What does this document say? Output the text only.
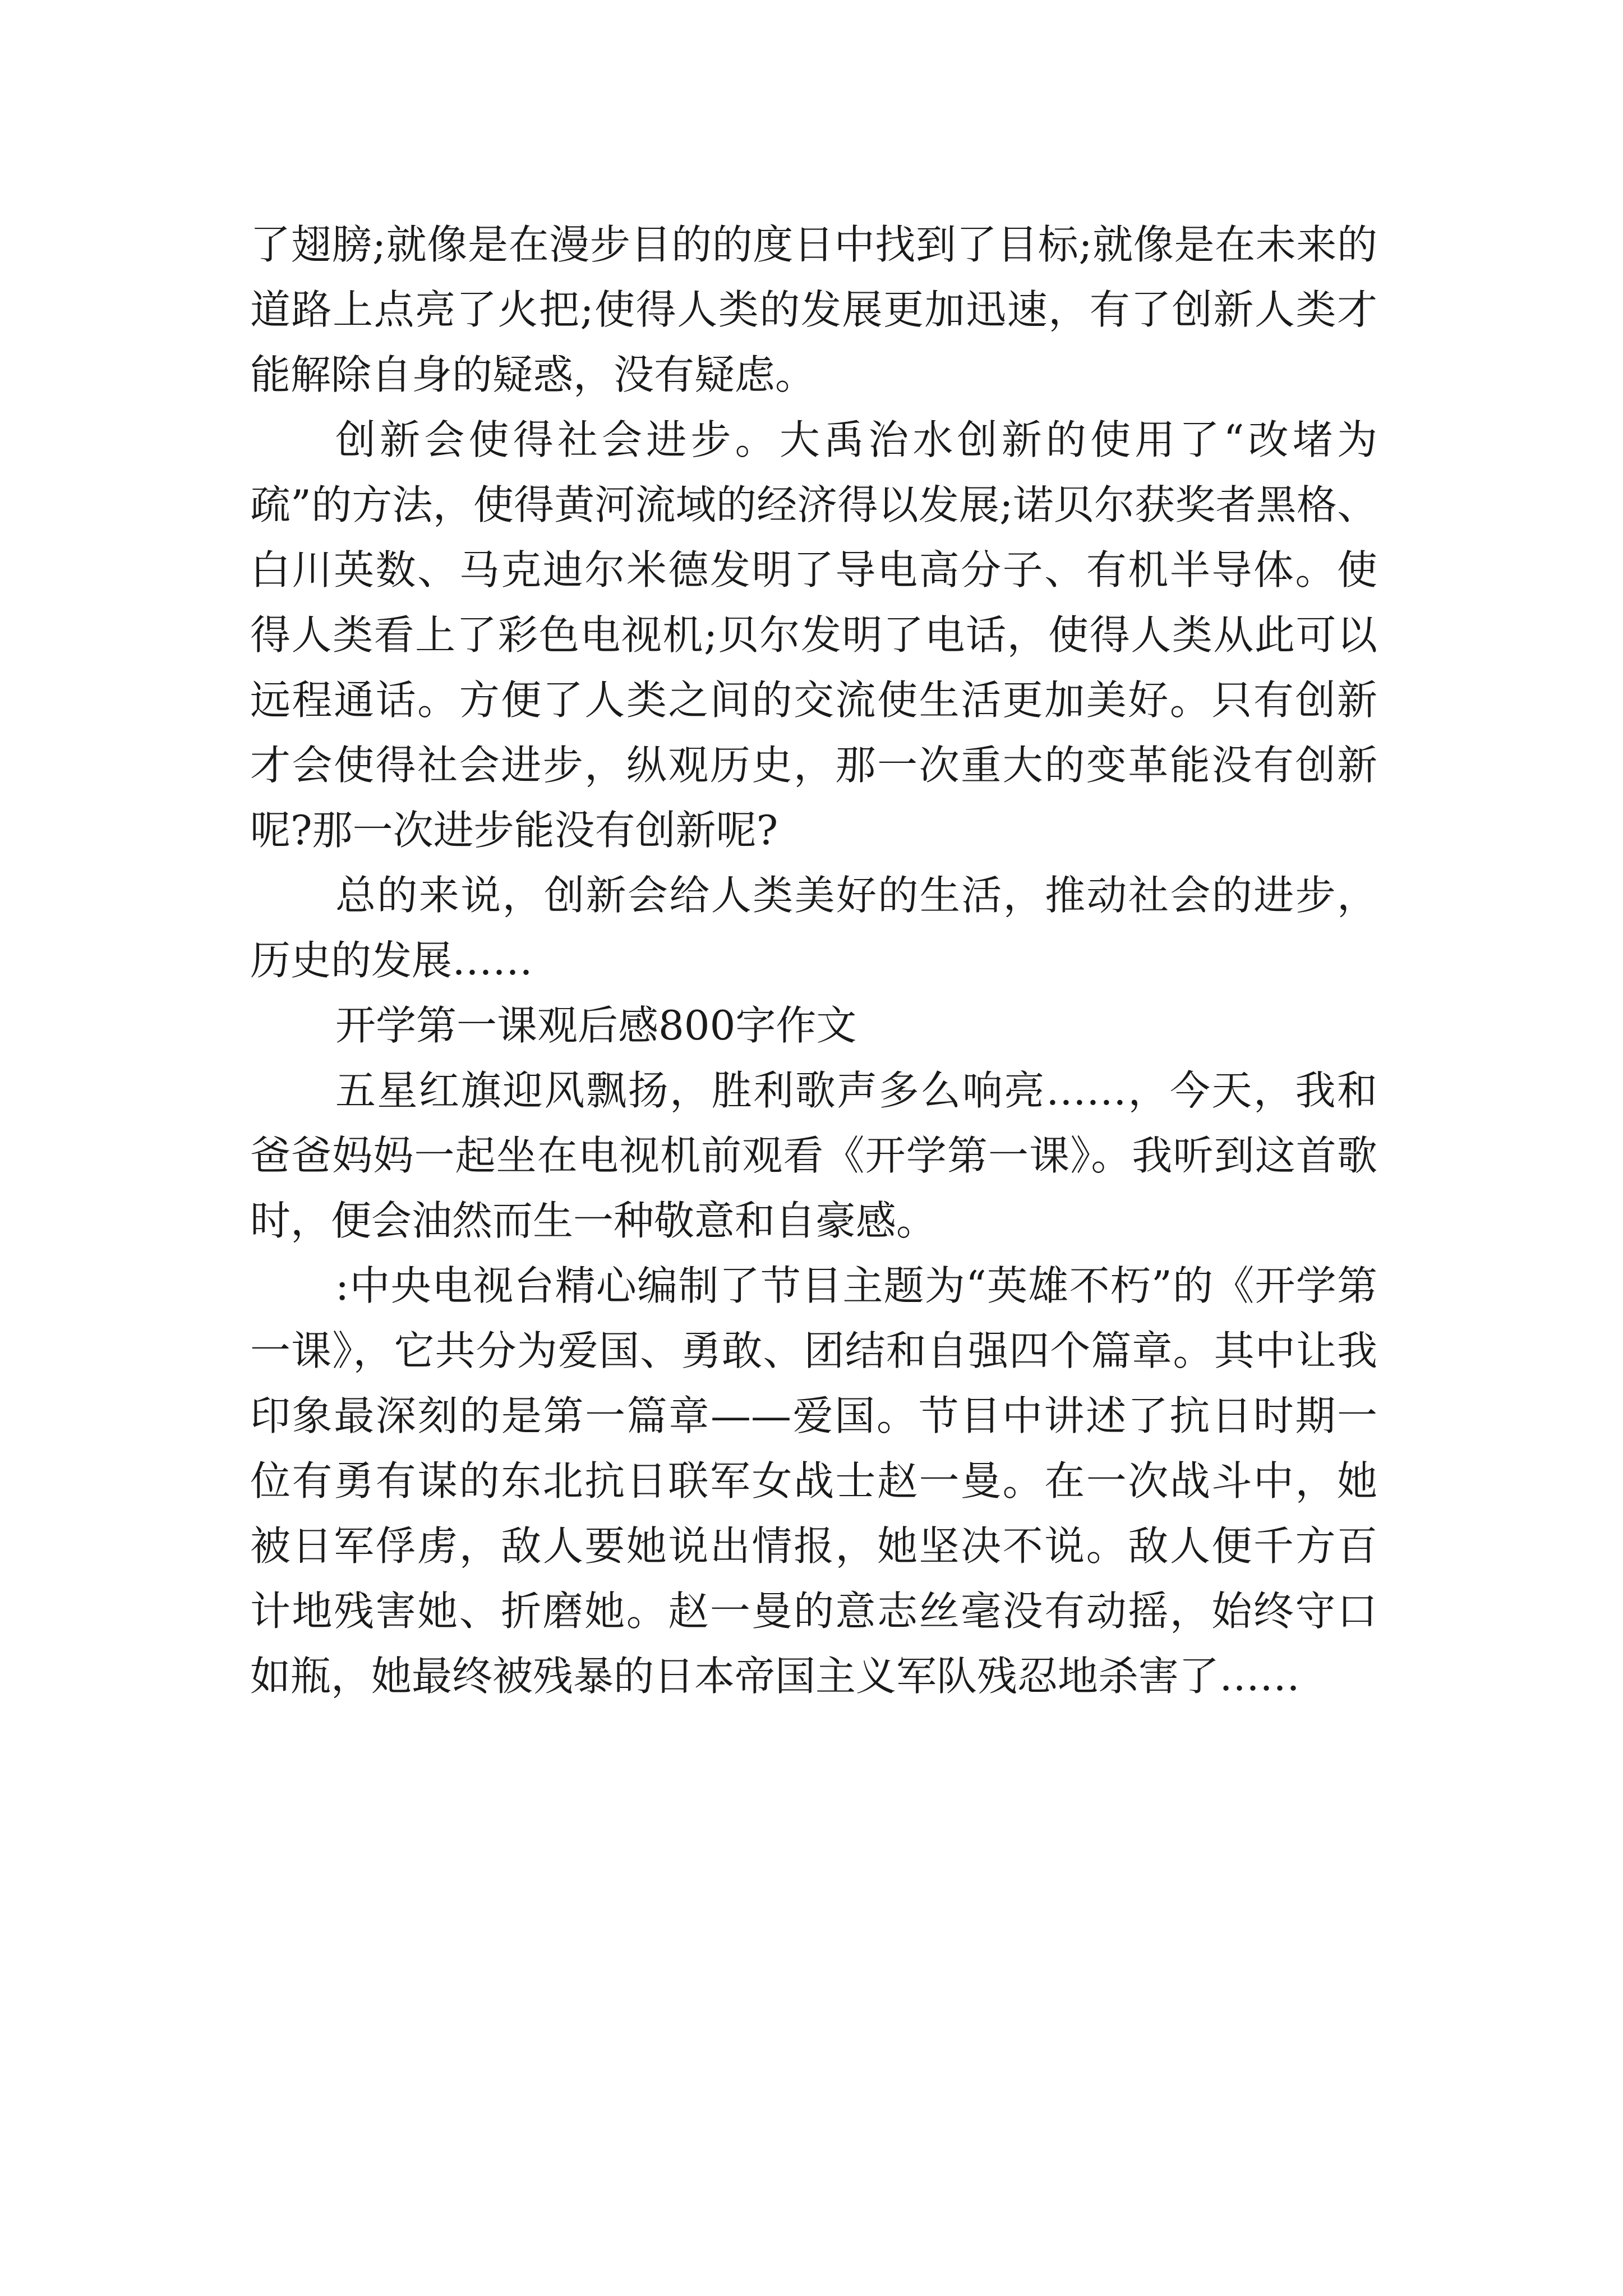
了翅膀;就像是在漫步目的的度日中找到了目标;就像是在未来的道路上点亮了火把;使得人类的发展更加迅速，有了创新人类才能解除自身的疑惑，没有疑虑。

创新会使得社会进步。大禹治水创新的使用了“改堵为疏”的方法，使得黄河流域的经济得以发展;诺贝尔获奖者黑格、白川英数、马克迪尔米德发明了导电高分子、有机半导体。使得人类看上了彩色电视机;贝尔发明了电话，使得人类从此可以远程通话。方便了人类之间的交流使生活更加美好。只有创新才会使得社会进步，纵观历史，那一次重大的变革能没有创新呢?那一次进步能没有创新呢?

总的来说，创新会给人类美好的生活，推动社会的进步，历史的发展……

开学第一课观后感800字作文

五星红旗迎风飘扬，胜利歌声多么响亮……，今天，我和爸爸妈妈一起坐在电视机前观看《开学第一课》。我听到这首歌时，便会油然而生一种敬意和自豪感。

:中央电视台精心编制了节目主题为“英雄不朽”的《开学第一课》，它共分为爱国、勇敢、团结和自强四个篇章。其中让我印象最深刻的是第一篇章——爱国。节目中讲述了抗日时期一位有勇有谋的东北抗日联军女战士赵一曼。在一次战斗中，她被日军俘虏，敌人要她说出情报，她坚决不说。敌人便千方百计地残害她、折磨她。赵一曼的意志丝毫没有动摇，始终守口如瓶，她最终被残暴的日本帝国主义军队残忍地杀害了……
